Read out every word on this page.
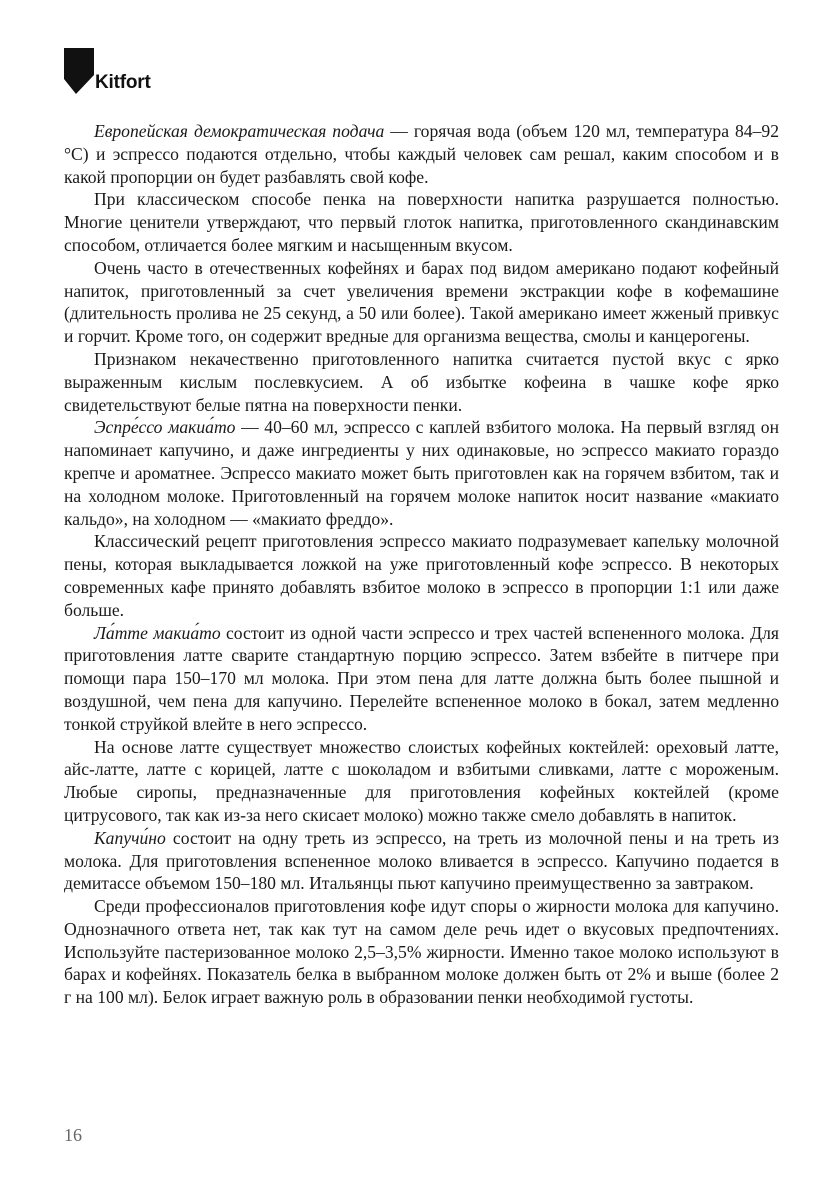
Kitfort

Европейская демократическая подача — горячая вода (объем 120 мл, температура 84–92 °C) и эспрессо подаются отдельно, чтобы каждый человек сам решал, каким способом и в какой пропорции он будет разбавлять свой кофе.

При классическом способе пенка на поверхности напитка разрушается полностью. Многие ценители утверждают, что первый глоток напитка, приготовленного скандинавским способом, отличается более мягким и насыщенным вкусом.

Очень часто в отечественных кофейнях и барах под видом американо подают кофейный напиток, приготовленный за счет увеличения времени экстракции кофе в кофемашине (длительность пролива не 25 секунд, а 50 или более). Такой американо имеет жженый привкус и горчит. Кроме того, он содержит вредные для организма вещества, смолы и канцерогены.

Признаком некачественно приготовленного напитка считается пустой вкус с ярко выраженным кислым послевкусием. А об избытке кофеина в чашке кофе ярко свидетельствуют белые пятна на поверхности пенки.

Эспре́ссо макиа́то — 40–60 мл, эспрессо с каплей взбитого молока. На первый взгляд он напоминает капучино, и даже ингредиенты у них одинаковые, но эспрессо макиато гораздо крепче и ароматнее. Эспрессо макиато может быть приготовлен как на горячем взбитом, так и на холодном молоке. Приготовленный на горячем молоке напиток носит название «макиато кальдо», на холодном — «макиато фреддо».

Классический рецепт приготовления эспрессо макиато подразумевает капельку молочной пены, которая выкладывается ложкой на уже приготовленный кофе эспрессо. В некоторых современных кафе принято добавлять взбитое молоко в эспрессо в пропорции 1:1 или даже больше.

Ла́тте макиа́то состоит из одной части эспрессо и трех частей вспененного молока. Для приготовления латте сварите стандартную порцию эспрессо. Затем взбейте в питчере при помощи пара 150–170 мл молока. При этом пена для латте должна быть более пышной и воздушной, чем пена для капучино. Перелейте вспененное молоко в бокал, затем медленно тонкой струйкой влейте в него эспрессо.

На основе латте существует множество слоистых кофейных коктейлей: ореховый латте, айс-латте, латте с корицей, латте с шоколадом и взбитыми сливками, латте с мороженым. Любые сиропы, предназначенные для приготовления кофейных коктейлей (кроме цитрусового, так как из-за него скисает молоко) можно также смело добавлять в напиток.

Капучи́но состоит на одну треть из эспрессо, на треть из молочной пены и на треть из молока. Для приготовления вспененное молоко вливается в эспрессо. Капучино подается в демитассе объемом 150–180 мл. Итальянцы пьют капучино преимущественно за завтраком.

Среди профессионалов приготовления кофе идут споры о жирности молока для капучино. Однозначного ответа нет, так как тут на самом деле речь идет о вкусовых предпочтениях. Используйте пастеризованное молоко 2,5–3,5% жирности. Именно такое молоко используют в барах и кофейнях. Показатель белка в выбранном молоке должен быть от 2% и выше (более 2 г на 100 мл). Белок играет важную роль в образовании пенки необходимой густоты.

16
